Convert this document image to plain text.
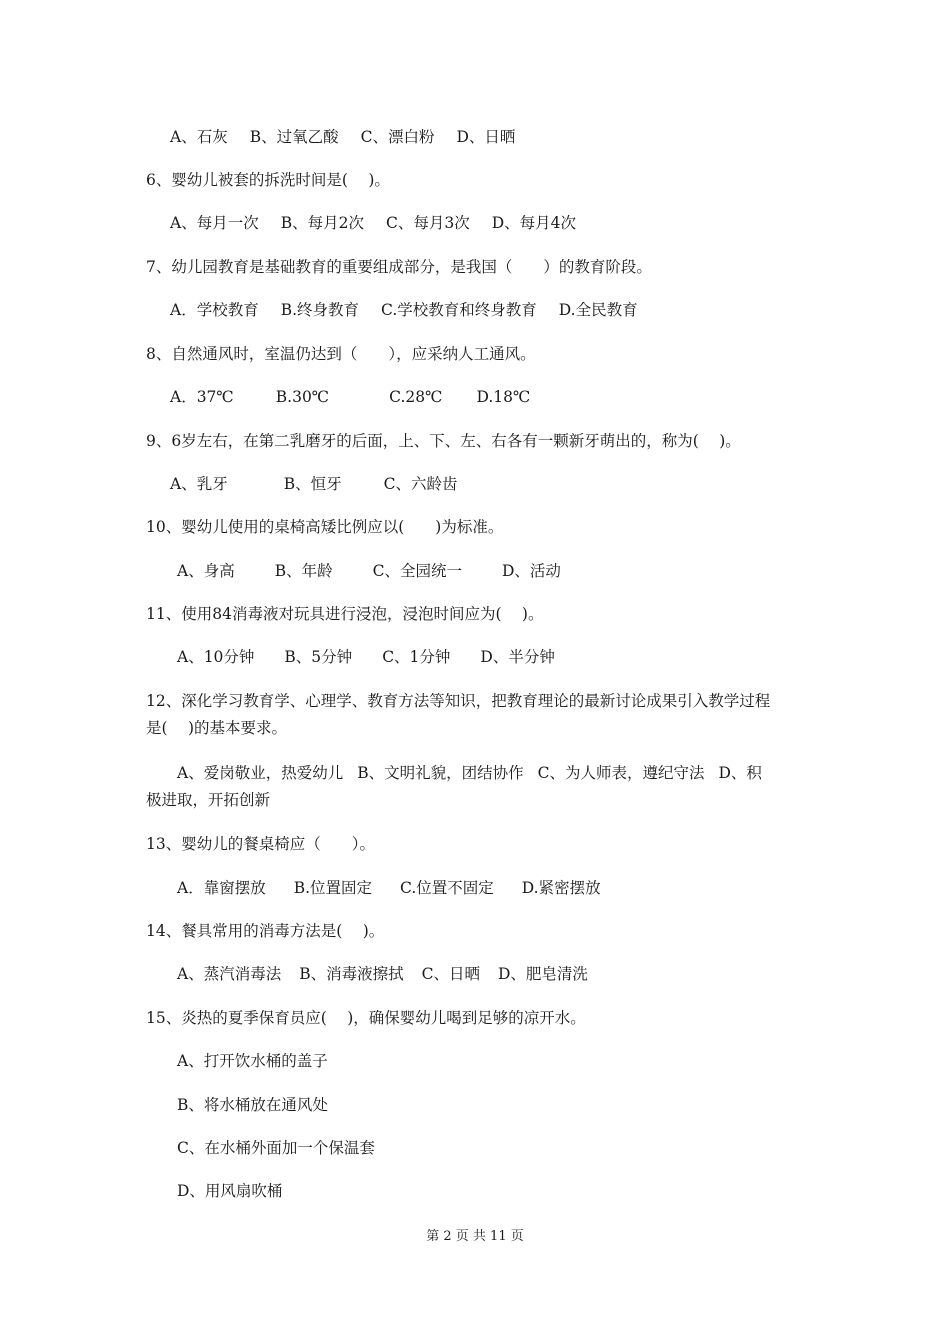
A、石灰 B、过氧乙酸 C、漂白粉 D、日晒
6、婴幼儿被套的拆洗时间是(　 )。
A、每月一次 B、每月2次 C、每月3次 D、每月4次
7、幼儿园教育是基础教育的重要组成部分，是我国（　　）的教育阶段。
A．学校教育 B.终身教育 C.学校教育和终身教育 D.全民教育
8、自然通风时，室温仍达到（　　），应采纳人工通风。
A．37℃	B.30℃	C.28℃ D.18℃
9、6岁左右，在第二乳磨牙的后面，上、下、左、右各有一颗新牙萌出的，称为(　 )。
A、乳牙	B、恒牙	C、六龄齿
10、婴幼儿使用的桌椅高矮比例应以(　　)为标准。
A、身高	B、年龄	C、全园统一	D、活动
11、使用84消毒液对玩具进行浸泡，浸泡时间应为(　 )。
A、10分钟 B、5分钟 C、1分钟 D、半分钟
12、深化学习教育学、心理学、教育方法等知识，把教育理论的最新讨论成果引入教学过程
是(　 )的基本要求。
A、爱岗敬业，热爱幼儿 B、文明礼貌，团结协作 C、为人师表，遵纪守法 D、积
极进取，开拓创新
13、婴幼儿的餐桌椅应（　　）。
A．靠窗摆放 B.位置固定 C.位置不固定 D.紧密摆放
14、餐具常用的消毒方法是(　 )。
A、蒸汽消毒法 B、消毒液擦拭 C、日晒 D、肥皂清洗
15、炎热的夏季保育员应(　 )，确保婴幼儿喝到足够的凉开水。
A、打开饮水桶的盖子
B、将水桶放在通风处
C、在水桶外面加一个保温套
D、用风扇吹桶
第 2 页 共 11 页
